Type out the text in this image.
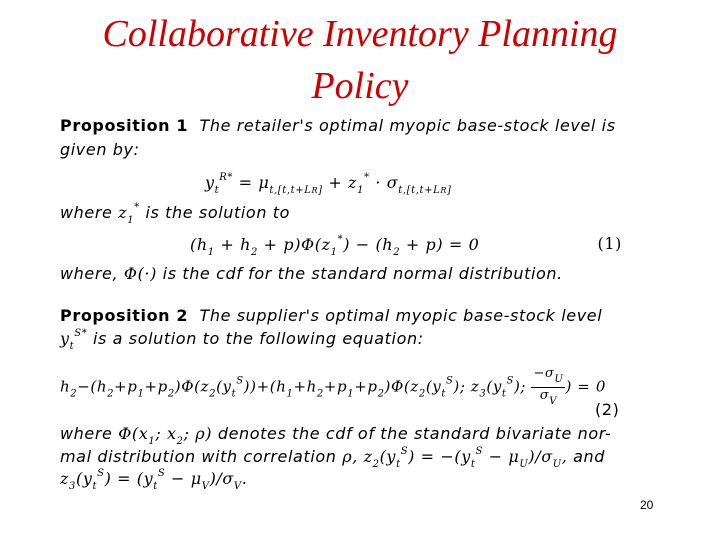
Collaborative Inventory Planning
Policy
Proposition 1 The retailer's optimal myopic base-stock level is
given by:
$y_t^{R*} = \mu_{t,[t,t+LR]} + z_1^* \cdot \sigma_{t,[t,t+LR]}$
where $z_1^*$ is the solution to
$(h_1 + h_2 + p)\Phi(z_1^*) - (h_2 + p) = 0$	(1)
where, Φ(·) is the cdf for the standard normal distribution.
Proposition 2 The supplier's optimal myopic base-stock level
$y_t^{S*}$ is a solution to the following equation:
$h_2-(h_2+p_1+p_2)\Phi(z_2(y_t^S))+(h_1+h_2+p_1+p_2)\Phi(z_2(y_t^S)$; $z_3(y_t^S)$; $\frac{-\sigma_U}{\sigma_V}$ ) = 0
(2)
where $\Phi(x_1$; $x_2$; ρ) denotes the cdf of the standard bivariate nor-
mal distribution with correlation ρ, $z_2(y_t^S) = -(y_t^S - \mu_U)/\sigma_U$, and
$z_3(y_t^S) = (y_t^S - \mu_V)/\sigma_V$.
20
